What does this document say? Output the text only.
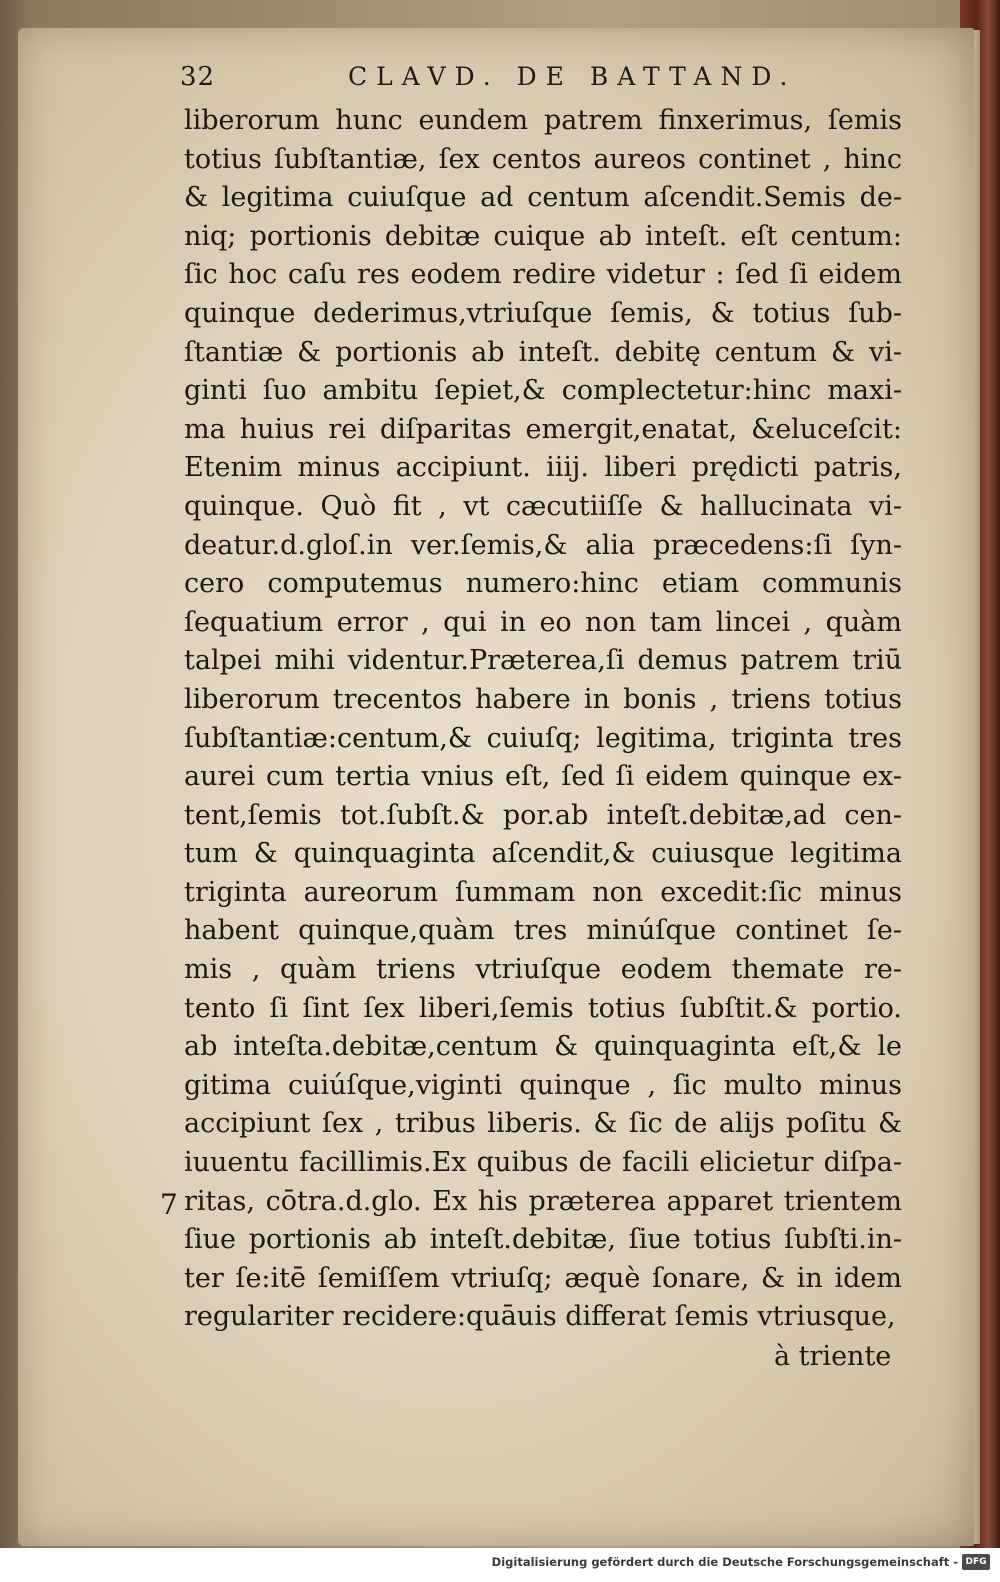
32	CLAVD. DE BATTAND.
liberorum hunc eundem patrem finxerimus, ſemis
totius ſubſtantiæ, ſex centos aureos continet , hinc
& legitima cuiuſque ad centum aſcendit.Semis de-
niq; portionis debitæ cuique ab inteſt. eſt centum:
ſic hoc caſu res eodem redire videtur : ſed ſi eidem
quinque dederimus,vtriuſque ſemis, & totius ſub-
ſtantiæ & portionis ab inteſt. debitę centum & vi-
ginti ſuo ambitu ſepiet,& complectetur:hinc maxi-
ma huius rei diſparitas emergit,enatat, &eluceſcit:
Etenim minus accipiunt. iiij. liberi prędicti patris,
quinque. Quò fit , vt cæcutiiſſe & hallucinata vi-
deatur.d.gloſ.in ver.ſemis,& alia præcedens:ſi ſyn-
cero computemus numero:hinc etiam communis
ſequatium error , qui in eo non tam lincei , quàm
talpei mihi videntur.Præterea,ſi demus patrem triū
liberorum trecentos habere in bonis , triens totius
ſubſtantiæ:centum,& cuiuſq; legitima, triginta tres
aurei cum tertia vnius eſt, ſed ſi eidem quinque ex-
tent,ſemis tot.ſubſt.& por.ab inteſt.debitæ,ad cen-
tum & quinquaginta aſcendit,& cuiusque legitima
triginta aureorum ſummam non excedit:ſic minus
habent quinque,quàm tres minúſque continet ſe-
mis , quàm triens vtriuſque eodem themate re-
tento ſi ſint ſex liberi,ſemis totius ſubſtit.& portio.
ab inteſta.debitæ,centum & quinquaginta eſt,& le
gitima cuiúſque,viginti quinque , ſic multo minus
accipiunt ſex , tribus liberis. & ſic de alijs poſitu &
iuuentu facillimis.Ex quibus de facili elicietur diſpa-
ritas, cōtra.d.glo. Ex his præterea apparet trientem
ſiue portionis ab inteſt.debitæ, ſiue totius ſubſti.in-
ter ſe:itē ſemiſſem vtriuſq; æquè ſonare, & in idem
regulariter recidere:quāuis differat ſemis vtriusque,
7
à triente
Digitalisierung gefördert durch die Deutsche Forschungsgemeinschaft - DFG
